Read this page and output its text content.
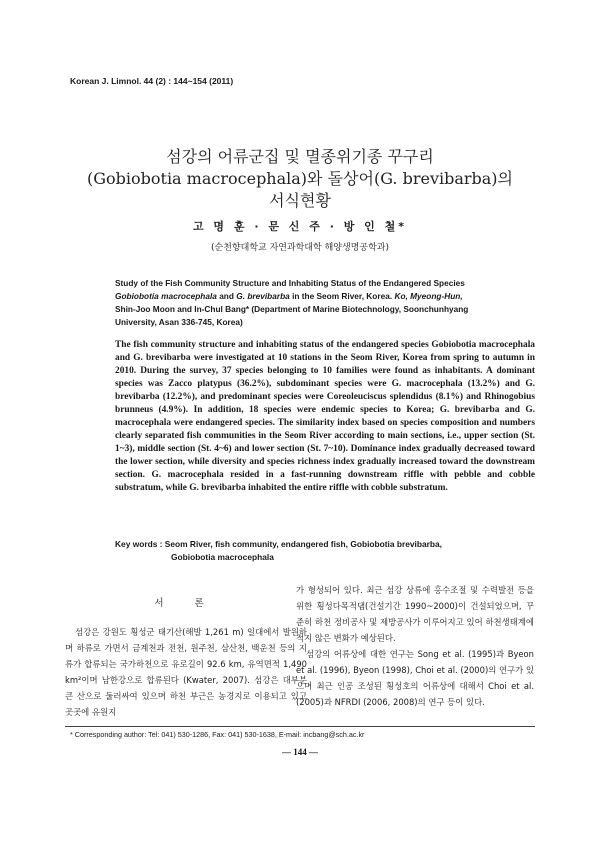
Korean J. Limnol. 44 (2) : 144~154 (2011)
섬강의 어류군집 및 멸종위기종 꾸구리
(Gobiobotia macrocephala)와 돌상어(G. brevibarba)의
서식현황
고 명 훈 · 문 신 주 · 방 인 철*
(순천향대학교 자연과학대학 해양생명공학과)
Study of the Fish Community Structure and Inhabiting Status of the Endangered Species
Gobiobotia macrocephala and G. brevibarba in the Seom River, Korea. Ko, Myeong-Hun,
Shin-Joo Moon and In-Chul Bang* (Department of Marine Biotechnology, Soonchunhyang
University, Asan 336-745, Korea)
The fish community structure and inhabiting status of the endangered species Gobiobotia macrocephala and G. brevibarba were investigated at 10 stations in the Seom River, Korea from spring to autumn in 2010. During the survey, 37 species belonging to 10 families were found as inhabitants. A dominant species was Zacco platypus (36.2%), subdominant species were G. macrocephala (13.2%) and G. brevibarba (12.2%), and predominant species were Coreoleuciscus splendidus (8.1%) and Rhinogobius brunneus (4.9%). In addition, 18 species were endemic species to Korea; G. brevibarba and G. macrocephala were endangered species. The similarity index based on species composition and numbers clearly separated fish communities in the Seom River according to main sections, i.e., upper section (St. 1~3), middle section (St. 4~6) and lower section (St. 7~10). Dominance index gradually decreased toward the lower section, while diversity and species richness index gradually increased toward the downstream section. G. macrocephala resided in a fast-running downstream riffle with pebble and cobble substratum, while G. brevibarba inhabited the entire riffle with cobble substratum.
Key words : Seom River, fish community, endangered fish, Gobiobotia brevibarba,
Gobiobotia macrocephala
서 론

섬강은 강원도 횡성군 태기산(해발 1,261 m) 일대에서 발원하며 하류로 가면서 금계천과 전천, 원주천, 삼산천, 백운천 등의 지류가 합류되는 국가하천으로 유로길이 92.6 km, 유역면적 1,490 km²이며 남한강으로 합류된다 (Kwater, 2007). 섬강은 대부분 큰 산으로 둘러싸여 있으며 하천 부근은 농경지로 이용되고 있고 곳곳에 유원지

가 형성되어 있다. 최근 섬강 상류에 홍수조절 및 수력발전 등을 위한 횡성다목적댐(건설기간 1990~2000)이 건설되었으며, 꾸준히 하천 정비공사 및 제방공사가 이루어지고 있어 하천생태계에 적지 않은 변화가 예상된다.

섬강의 어류상에 대한 연구는 Song et al. (1995)과 Byeon et al. (1996), Byeon (1998), Choi et al. (2000)의 연구가 있으며 최근 인공 조성된 횡성호의 어류상에 대해서 Choi et al. (2005)과 NFRDI (2006, 2008)의 연구 등이 있다.

* Corresponding author: Tel: 041) 530-1286, Fax: 041) 530-1638, E-mail: incbang@sch.ac.kr
— 144 —
